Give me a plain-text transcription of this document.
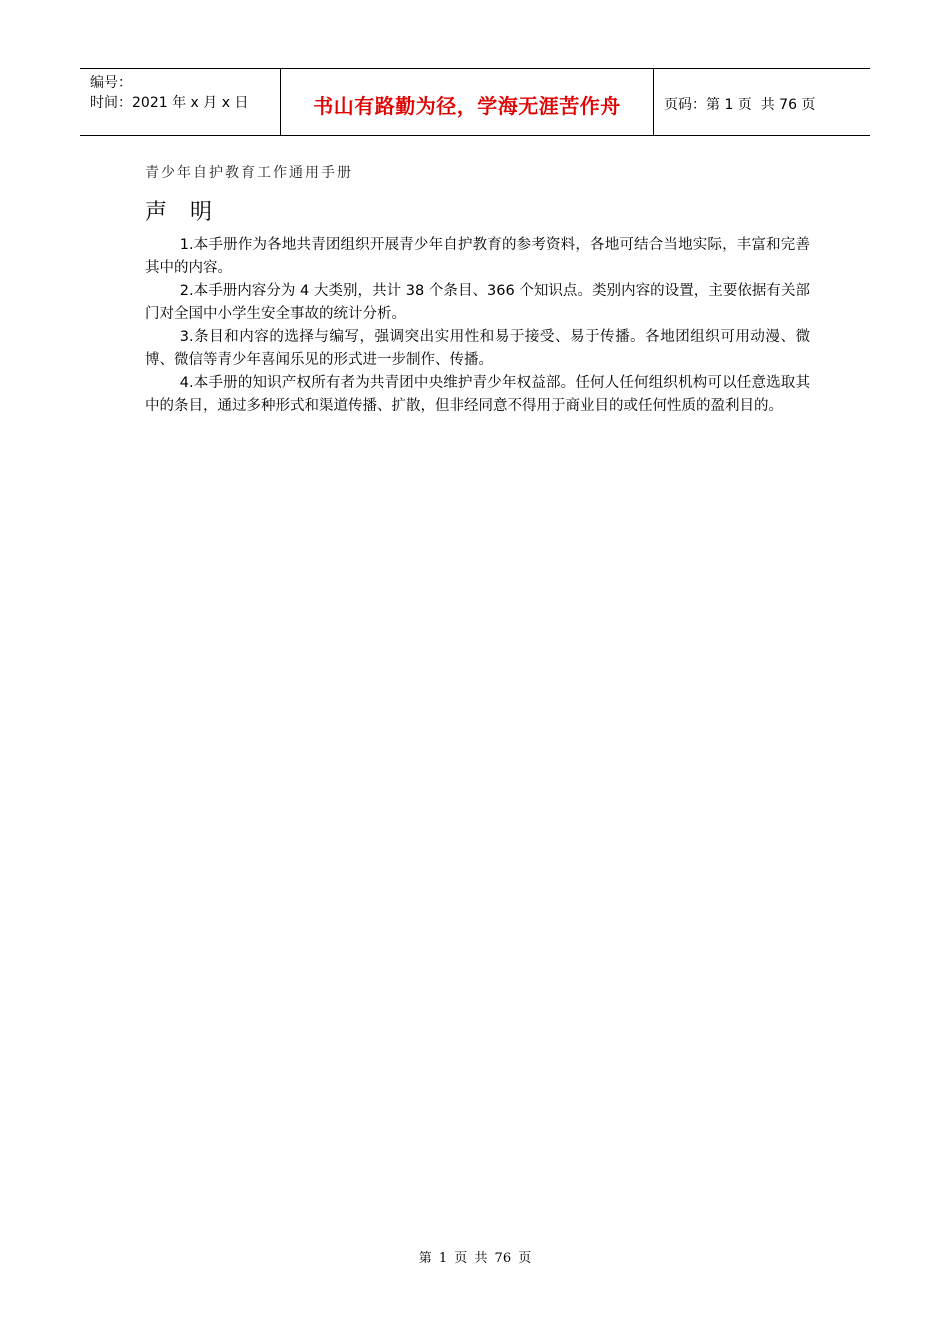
编号：
时间：2021 年 x 月 x 日	书山有路勤为径，学海无涯苦作舟	页码：第 1 页  共 76 页
青少年自护教育工作通用手册
声 明

1.本手册作为各地共青团组织开展青少年自护教育的参考资料，各地可结合当地实际，丰富和完善其中的内容。

2.本手册内容分为 4 大类别，共计 38 个条目、366 个知识点。类别内容的设置，主要依据有关部门对全国中小学生安全事故的统计分析。

3.条目和内容的选择与编写，强调突出实用性和易于接受、易于传播。各地团组织可用动漫、微博、微信等青少年喜闻乐见的形式进一步制作、传播。

4.本手册的知识产权所有者为共青团中央维护青少年权益部。任何人任何组织机构可以任意选取其中的条目，通过多种形式和渠道传播、扩散，但非经同意不得用于商业目的或任何性质的盈利目的。

第 1 页 共 76 页
